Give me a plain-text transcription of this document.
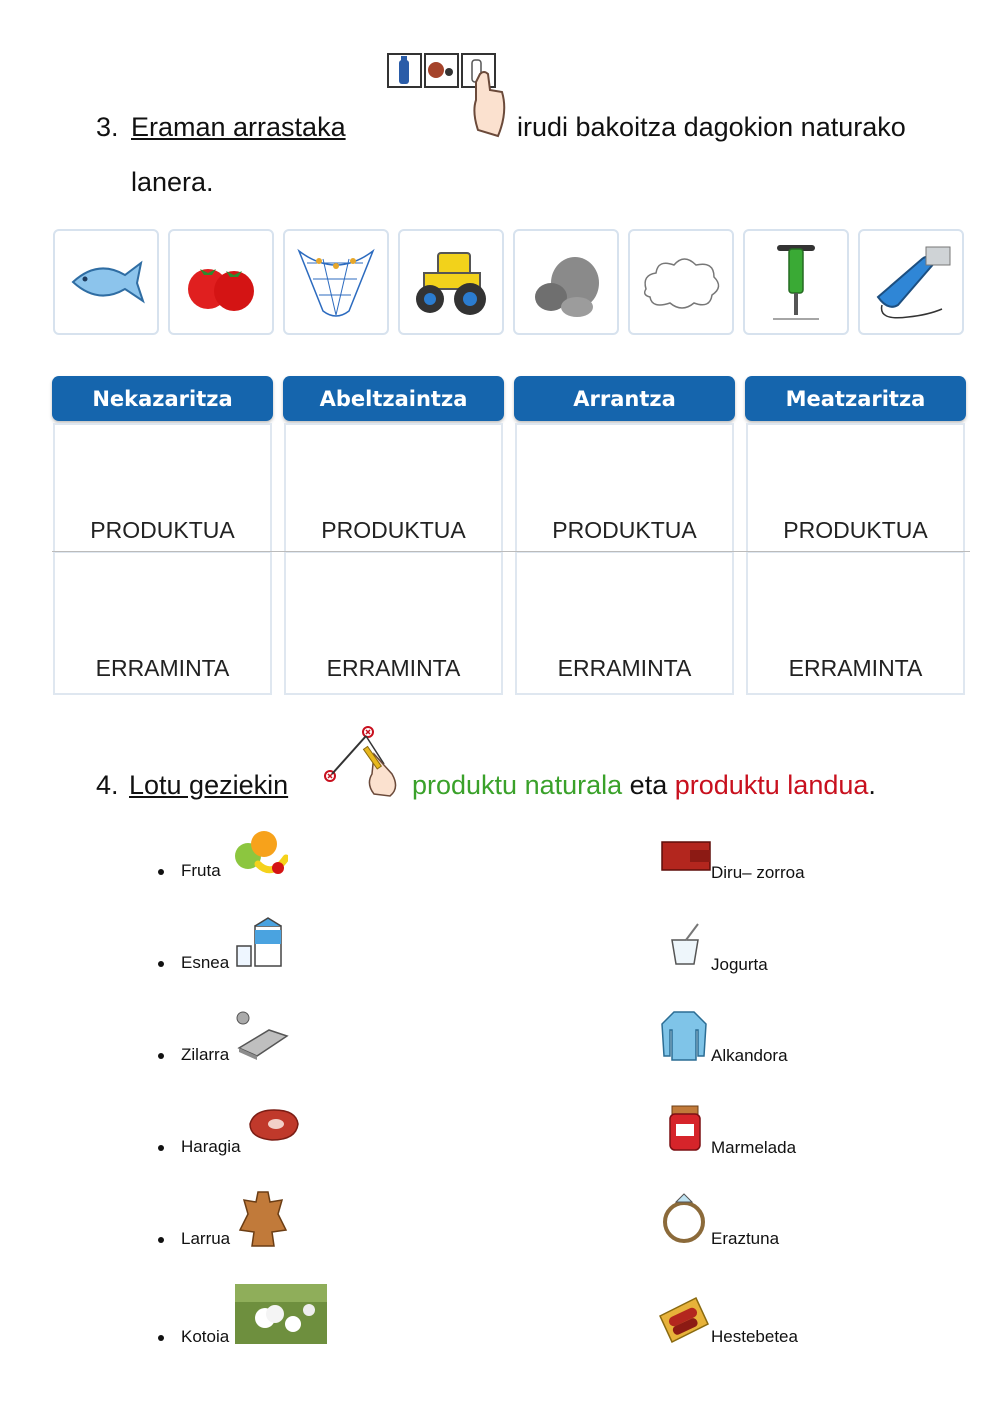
3. Eraman arrastaka	irudi bakoitza dagokion naturako
lanera.
Nekazaritza	Abeltzaintza	Arrantza	Meatzaritza
PRODUKTUA	PRODUKTUA	PRODUKTUA	PRODUKTUA
ERRAMINTA	ERRAMINTA	ERRAMINTA	ERRAMINTA
4. Lotu geziekin	produktu naturala eta produktu landua.
Fruta
Esnea
Zilarra
Haragia
Larrua
Kotoia
Diru– zorroa
Jogurta
Alkandora
Marmelada
Eraztuna
Hestebetea
